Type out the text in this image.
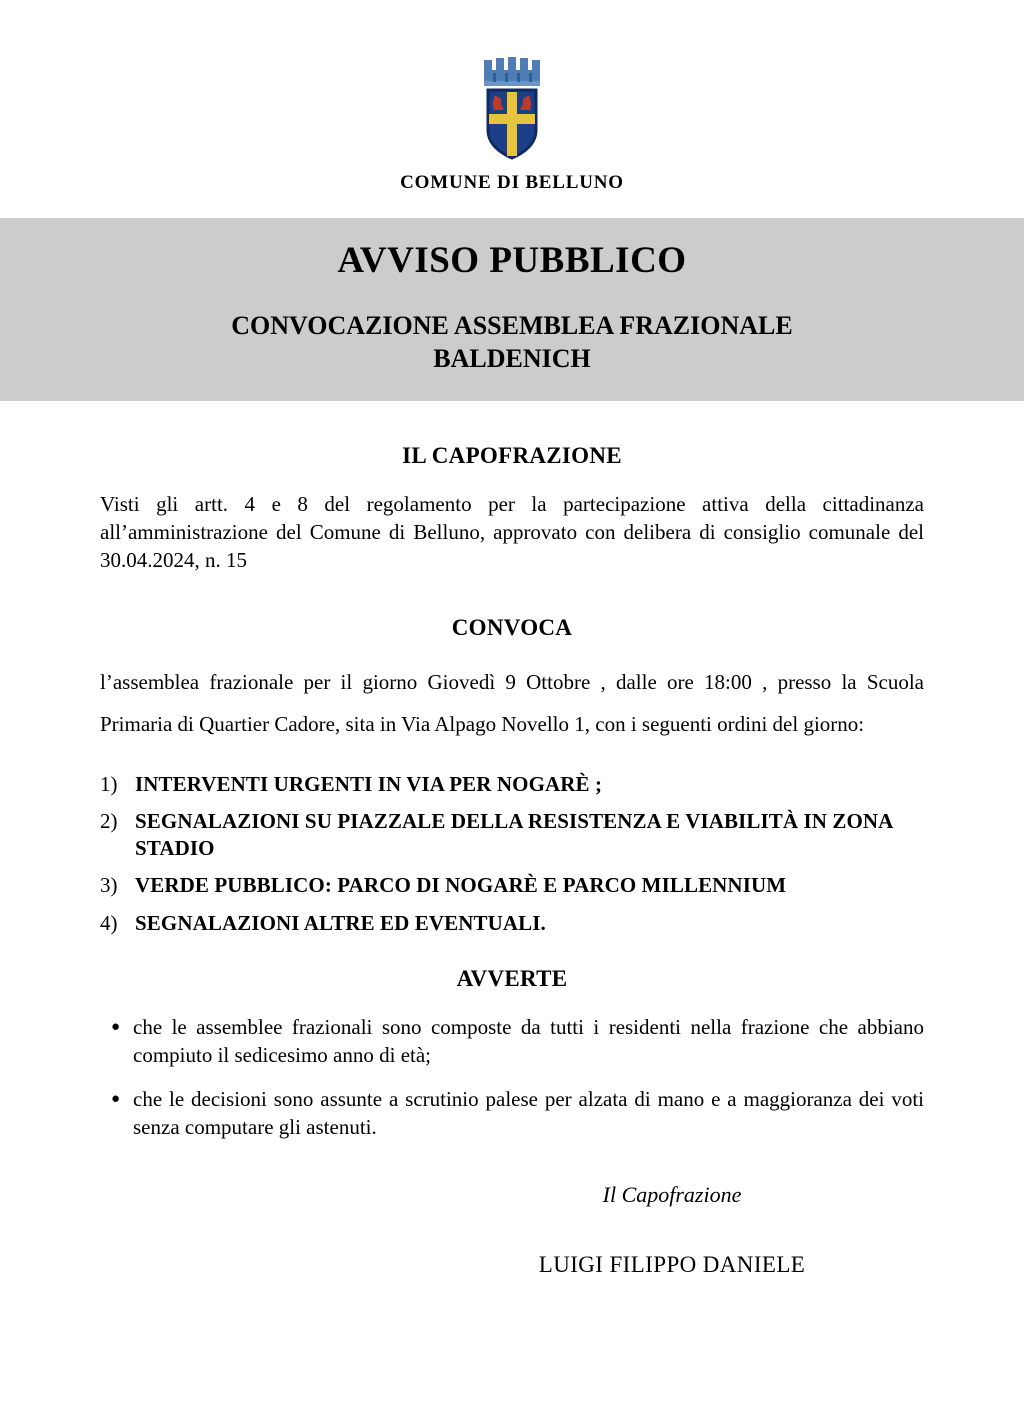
COMUNE DI BELLUNO
AVVISO PUBBLICO
CONVOCAZIONE ASSEMBLEA FRAZIONALE
BALDENICH
IL CAPOFRAZIONE
Visti gli artt. 4 e 8 del regolamento per la partecipazione attiva della cittadinanza all’amministrazione del Comune di Belluno, approvato con delibera di consiglio comunale del 30.04.2024, n. 15
CONVOCA
l’assemblea frazionale per il giorno Giovedì 9 Ottobre , dalle ore 18:00 , presso la Scuola Primaria di Quartier Cadore, sita in Via Alpago Novello 1, con i seguenti ordini del giorno:
1) INTERVENTI URGENTI IN VIA PER NOGARÈ ;
2) SEGNALAZIONI SU PIAZZALE DELLA RESISTENZA E VIABILITÀ IN ZONA STADIO
3) VERDE PUBBLICO: PARCO DI NOGARÈ E PARCO MILLENNIUM
4) SEGNALAZIONI ALTRE ED EVENTUALI.
AVVERTE
● che le assemblee frazionali sono composte da tutti i residenti nella frazione che abbiano compiuto il sedicesimo anno di età;
● che le decisioni sono assunte a scrutinio palese per alzata di mano e a maggioranza dei voti senza computare gli astenuti.
Il Capofrazione
LUIGI FILIPPO DANIELE
